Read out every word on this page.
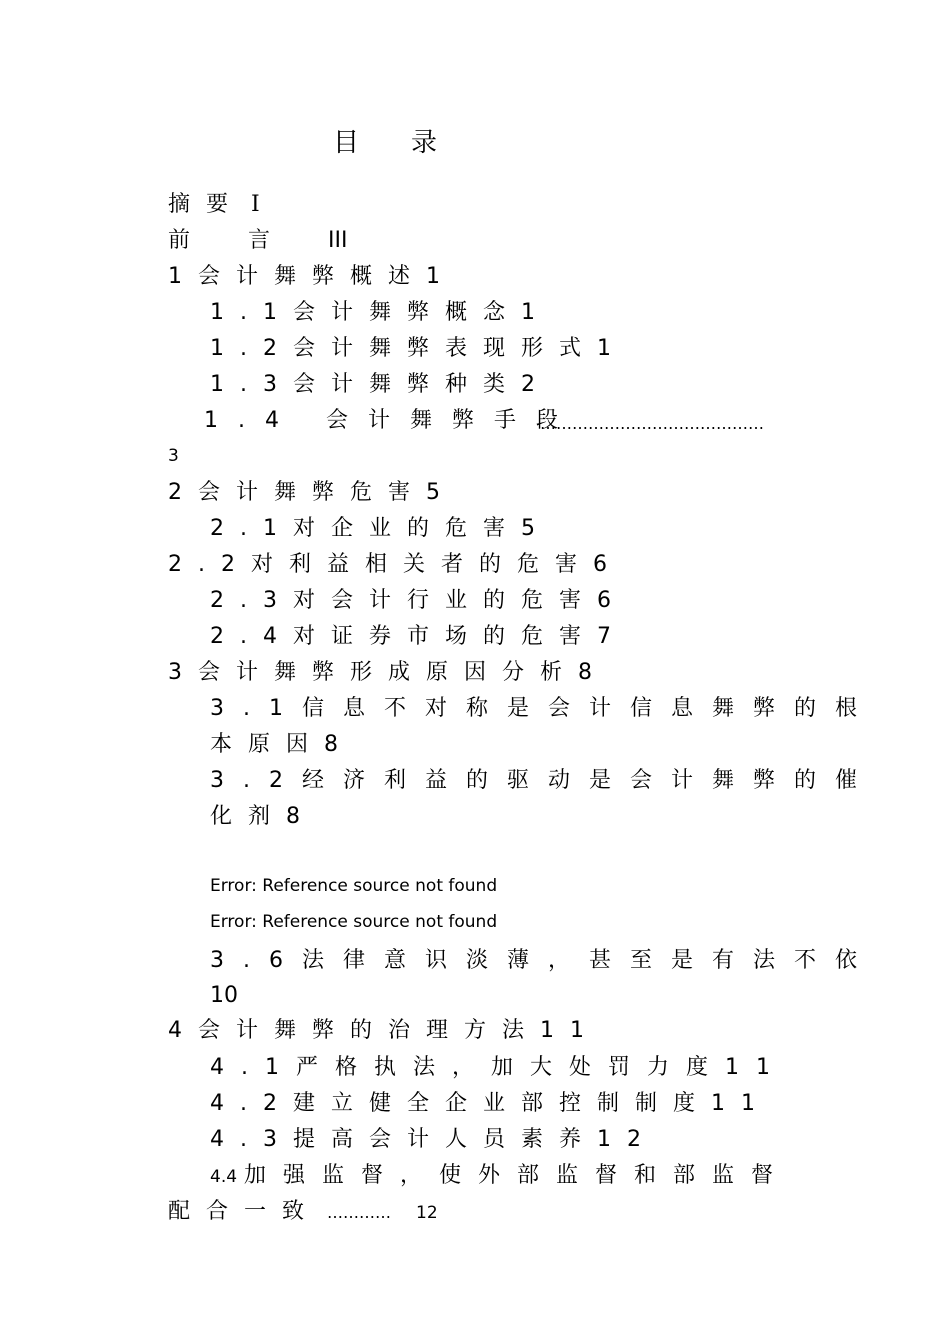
目录
摘要 I
前言III
1会计舞弊概述1
1.1会计舞弊概念1
1.2会计舞弊表现形式1
1.3会计舞弊种类2
1.4 会计舞弊手段
……………………………………
3
2会计舞弊危害5
2.1对企业的危害5
2.2对利益相关者的危害6
2.3对会计行业的危害6
2.4对证券市场的危害7
3会计舞弊形成原因分析8
3.1信息不对称是会计信息舞弊的根
本原因8
3.2经济利益的驱动是会计舞弊的催
化剂8
Error: Reference source not found
Error: Reference source not found
3.6法律意识淡薄，甚至是有法不依
10
4会计舞弊的治理方法11
4.1严格执法，加大处罚力度11
4.2建立健全企业部控制制度11
4.3提高会计人员素养12
4.4 加强监督，使外部监督和部监督
配合一致 ………… 12
